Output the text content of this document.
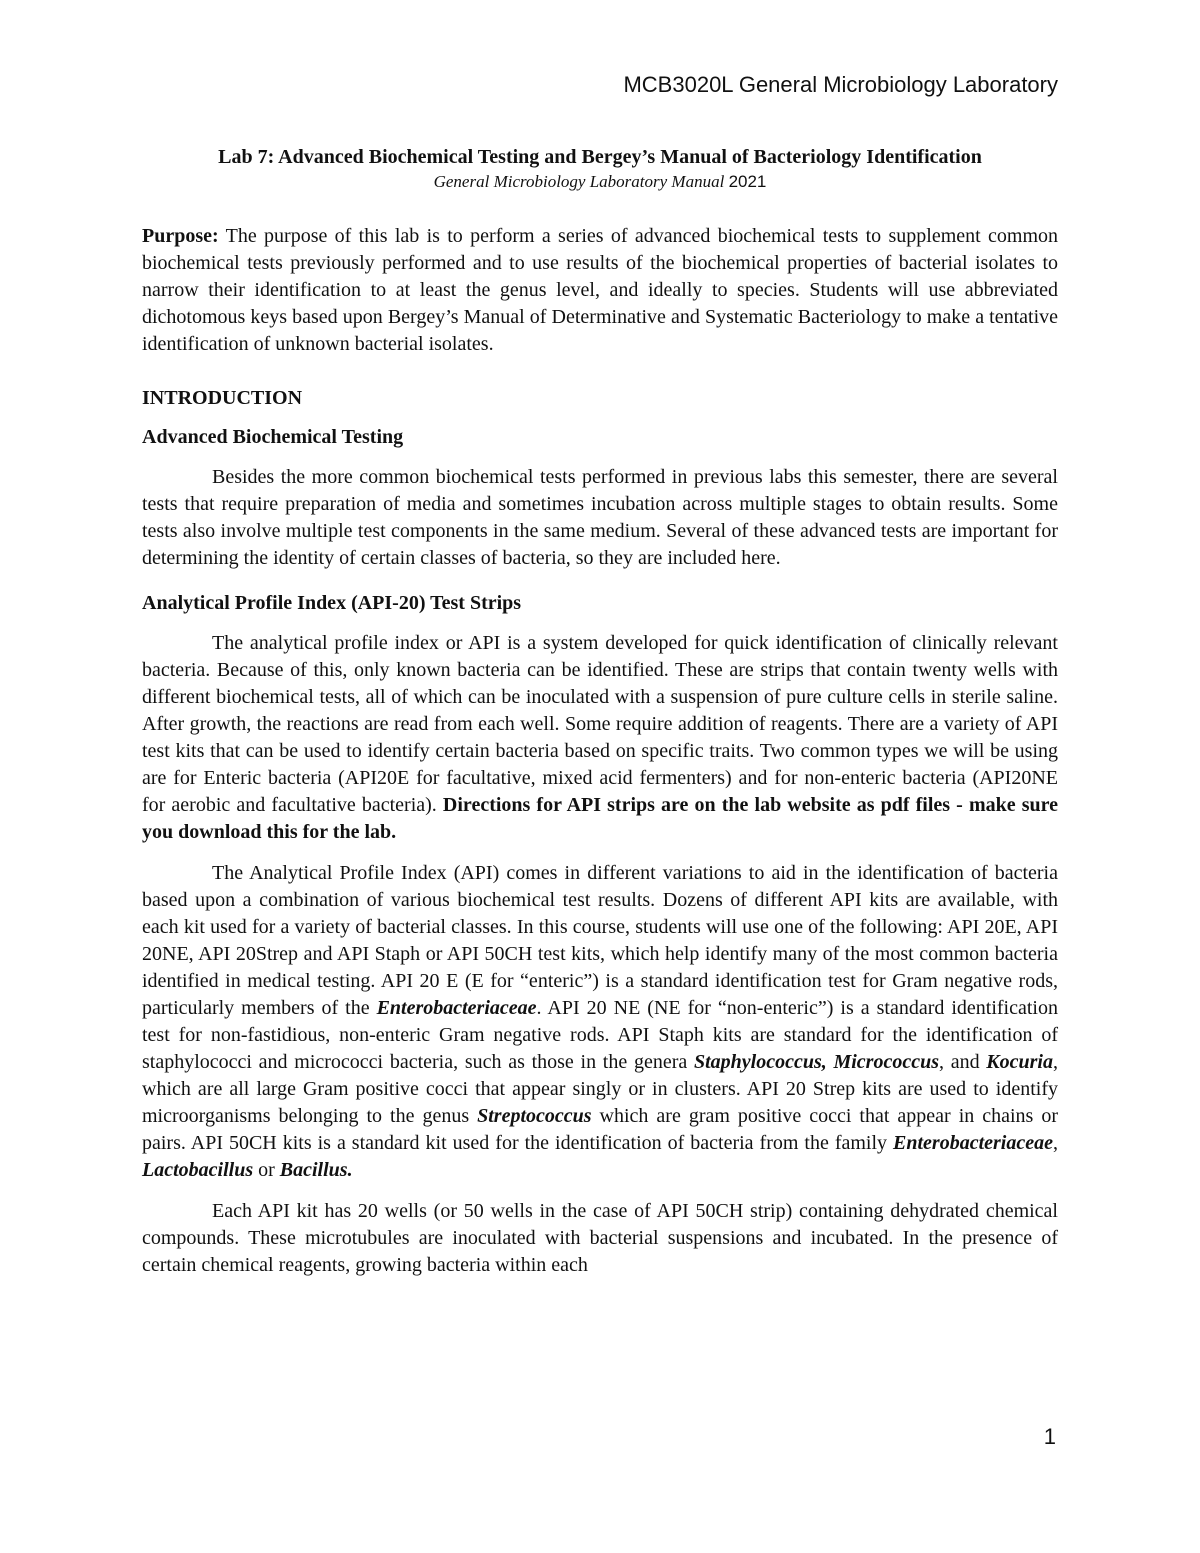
MCB3020L General Microbiology Laboratory
Lab 7: Advanced Biochemical Testing and Bergey’s Manual of Bacteriology Identification
General Microbiology Laboratory Manual 2021

Purpose: The purpose of this lab is to perform a series of advanced biochemical tests to supplement common biochemical tests previously performed and to use results of the biochemical properties of bacterial isolates to narrow their identification to at least the genus level, and ideally to species. Students will use abbreviated dichotomous keys based upon Bergey’s Manual of Determinative and Systematic Bacteriology to make a tentative identification of unknown bacterial isolates.

INTRODUCTION
Advanced Biochemical Testing

Besides the more common biochemical tests performed in previous labs this semester, there are several tests that require preparation of media and sometimes incubation across multiple stages to obtain results. Some tests also involve multiple test components in the same medium. Several of these advanced tests are important for determining the identity of certain classes of bacteria, so they are included here.

Analytical Profile Index (API-20) Test Strips

The analytical profile index or API is a system developed for quick identification of clinically relevant bacteria. Because of this, only known bacteria can be identified. These are strips that contain twenty wells with different biochemical tests, all of which can be inoculated with a suspension of pure culture cells in sterile saline. After growth, the reactions are read from each well. Some require addition of reagents. There are a variety of API test kits that can be used to identify certain bacteria based on specific traits. Two common types we will be using are for Enteric bacteria (API20E for facultative, mixed acid fermenters) and for non-enteric bacteria (API20NE for aerobic and facultative bacteria). Directions for API strips are on the lab website as pdf files - make sure you download this for the lab.

The Analytical Profile Index (API) comes in different variations to aid in the identification of bacteria based upon a combination of various biochemical test results. Dozens of different API kits are available, with each kit used for a variety of bacterial classes. In this course, students will use one of the following: API 20E, API 20NE, API 20Strep and API Staph or API 50CH test kits, which help identify many of the most common bacteria identified in medical testing. API 20 E (E for “enteric”) is a standard identification test for Gram negative rods, particularly members of the Enterobacteriaceae. API 20 NE (NE for “non-enteric”) is a standard identification test for non-fastidious, non-enteric Gram negative rods. API Staph kits are standard for the identification of staphylococci and micrococci bacteria, such as those in the genera Staphylococcus, Micrococcus, and Kocuria, which are all large Gram positive cocci that appear singly or in clusters. API 20 Strep kits are used to identify microorganisms belonging to the genus Streptococcus which are gram positive cocci that appear in chains or pairs. API 50CH kits is a standard kit used for the identification of bacteria from the family Enterobacteriaceae, Lactobacillus or Bacillus.

Each API kit has 20 wells (or 50 wells in the case of API 50CH strip) containing dehydrated chemical compounds. These microtubules are inoculated with bacterial suspensions and incubated. In the presence of certain chemical reagents, growing bacteria within each

1
